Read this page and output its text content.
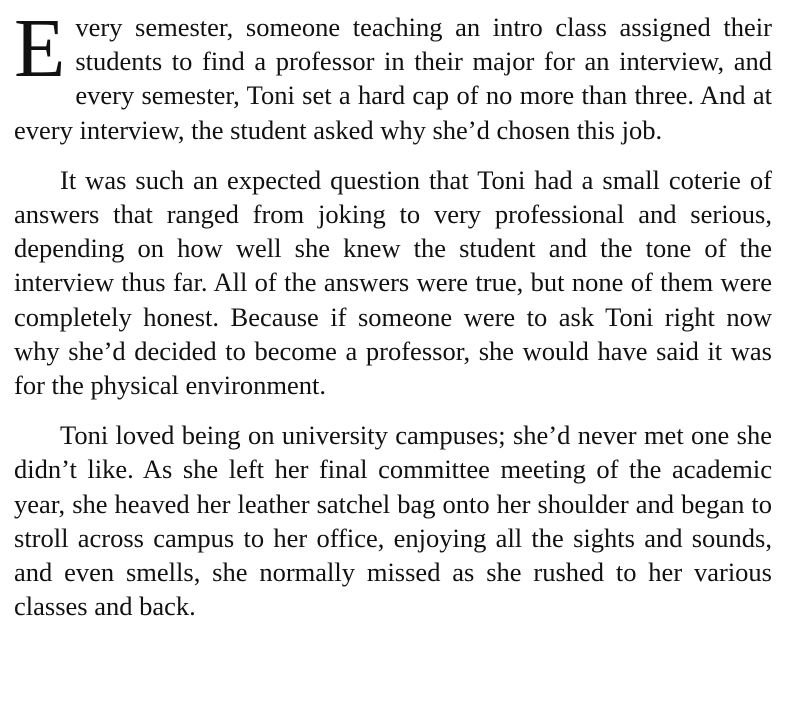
Every semester, someone teaching an intro class assigned their students to find a professor in their major for an interview, and every semester, Toni set a hard cap of no more than three. And at every interview, the student asked why she’d chosen this job.

It was such an expected question that Toni had a small coterie of answers that ranged from joking to very professional and serious, depending on how well she knew the student and the tone of the interview thus far. All of the answers were true, but none of them were completely honest. Because if someone were to ask Toni right now why she’d decided to become a professor, she would have said it was for the physical environment.

Toni loved being on university campuses; she’d never met one she didn’t like. As she left her final committee meeting of the academic year, she heaved her leather satchel bag onto her shoulder and began to stroll across campus to her office, enjoying all the sights and sounds, and even smells, she normally missed as she rushed to her various classes and back.
